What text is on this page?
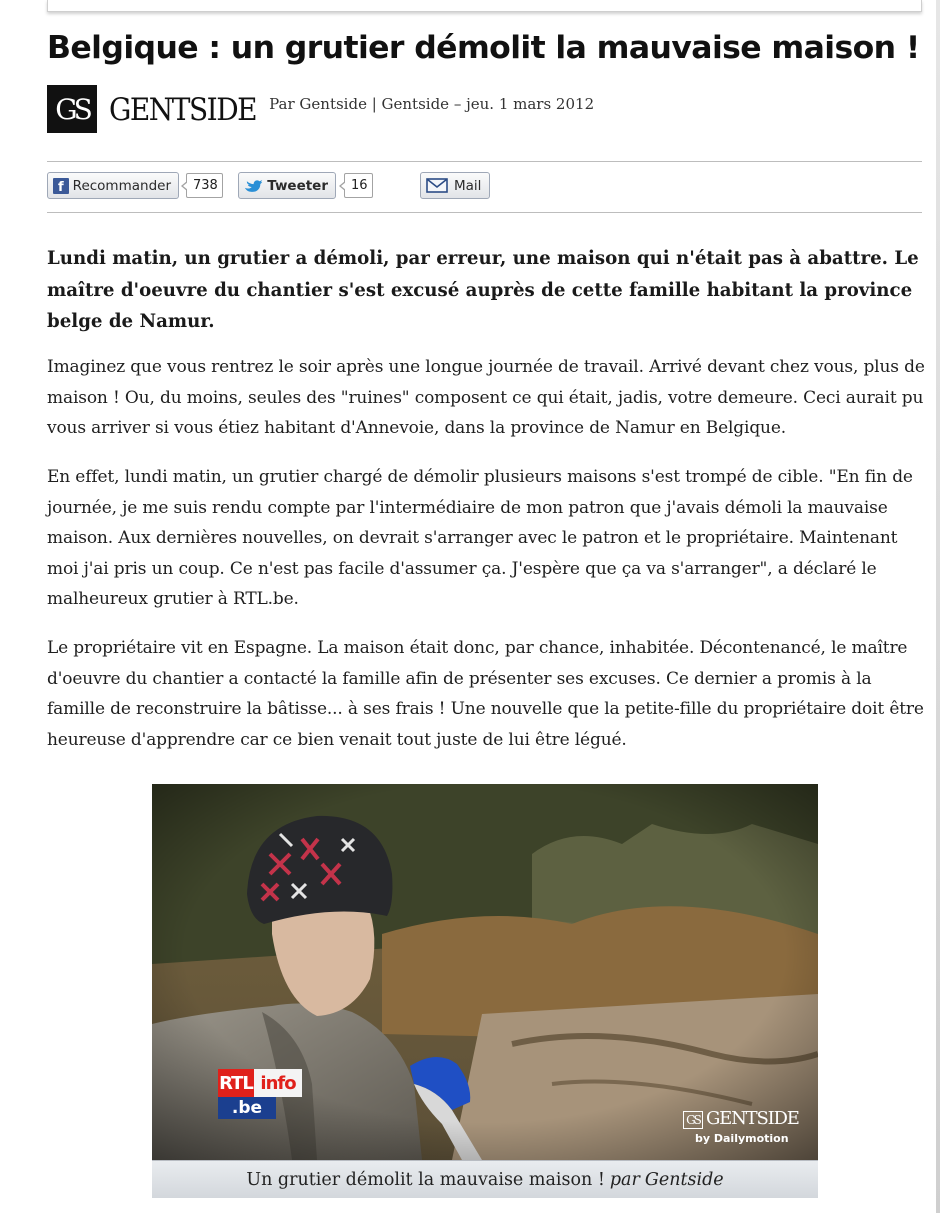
Belgique : un grutier démolit la mauvaise maison !
GS GENTSIDE Par Gentside | Gentside – jeu. 1 mars 2012
f Recommander	738	Tweeter	16	Mail

Lundi matin, un grutier a démoli, par erreur, une maison qui n'était pas à abattre. Le maître d'oeuvre du chantier s'est excusé auprès de cette famille habitant la province belge de Namur.

Imaginez que vous rentrez le soir après une longue journée de travail. Arrivé devant chez vous, plus de maison ! Ou, du moins, seules des "ruines" composent ce qui était, jadis, votre demeure. Ceci aurait pu vous arriver si vous étiez habitant d'Annevoie, dans la province de Namur en Belgique.

En effet, lundi matin, un grutier chargé de démolir plusieurs maisons s'est trompé de cible. "En fin de journée, je me suis rendu compte par l'intermédiaire de mon patron que j'avais démoli la mauvaise maison. Aux dernières nouvelles, on devrait s'arranger avec le patron et le propriétaire. Maintenant moi j'ai pris un coup. Ce n'est pas facile d'assumer ça. J'espère que ça va s'arranger", a déclaré le malheureux grutier à RTL.be.

Le propriétaire vit en Espagne. La maison était donc, par chance, inhabitée. Décontenancé, le maître d'oeuvre du chantier a contacté la famille afin de présenter ses excuses. Ce dernier a promis à la famille de reconstruire la bâtisse... à ses frais ! Une nouvelle que la petite-fille du propriétaire doit être heureuse d'apprendre car ce bien venait tout juste de lui être légué.

RTL info
.be
GS GENTSIDE
by Dailymotion
Un grutier démolit la mauvaise maison ! par Gentside
